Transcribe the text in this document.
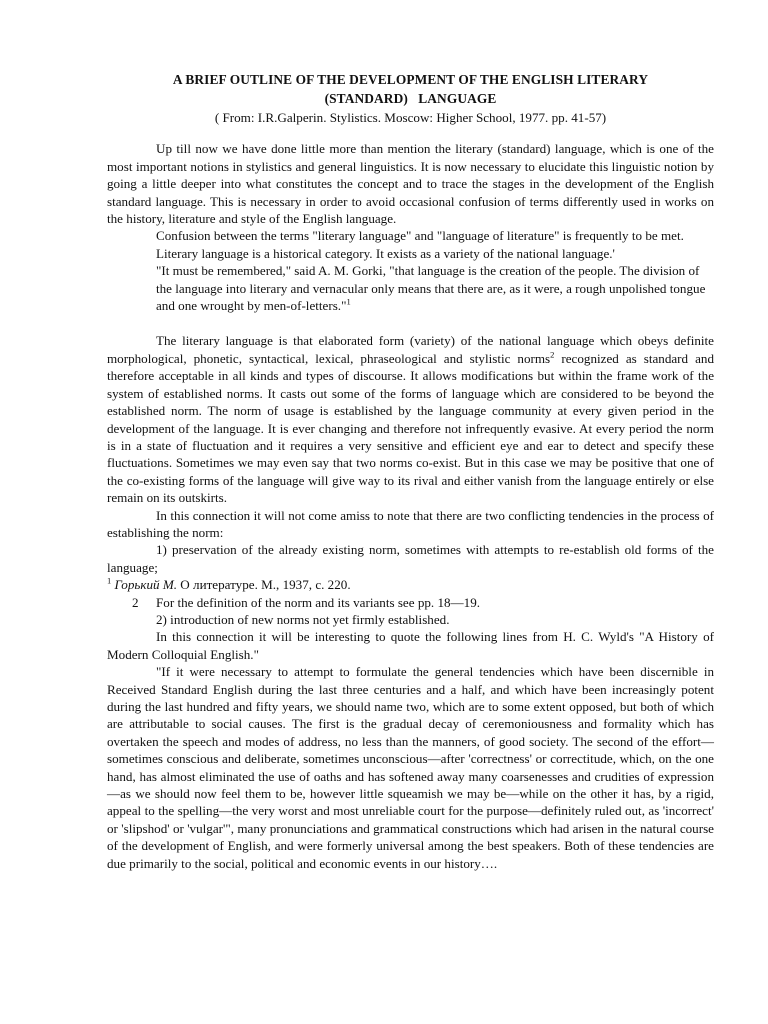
A BRIEF OUTLINE OF THE DEVELOPMENT OF THE ENGLISH LITERARY
(STANDARD)   LANGUAGE
( From: I.R.Galperin. Stylistics. Moscow: Higher School, 1977. pp. 41-57)

Up till now we have done little more than mention the literary (standard) language, which is one of the most important notions in stylistics and general linguistics. It is now necessary to elucidate this linguistic notion by going a little deeper into what constitutes the concept and to trace the stages in the development of the English standard language. This is necessary in order to avoid occasional confusion of terms differently used in works on the history, literature and style of the English language.

Confusion between the terms "literary language" and "language of literature" is frequently to be met.

Literary language is a historical category. It exists as a variety of the national language.'

"It must be remembered," said A. M. Gorki, "that language is the creation of the people. The division of the language into literary and vernacular only means that there are, as it were, a rough unpolished tongue and one wrought by men-of-letters."$^1$

The literary language is that elaborated form (variety) of the national language which obeys definite morphological, phonetic, syntactical, lexical, phraseological and stylistic norms$^2$ recognized as standard and therefore acceptable in all kinds and types of discourse. It allows modifications but within the frame work of the system of established norms. It casts out some of the forms of language which are considered to be beyond the established norm. The norm of usage is established by the language community at every given period in the development of the language. It is ever changing and therefore not infrequently evasive. At every period the norm is in a state of fluctuation and it requires a very sensitive and efficient eye and ear to detect and specify these fluctuations. Sometimes we may even say that two norms co-exist. But in this case we may be positive that one of the co-existing forms of the language will give way to its rival and either vanish from the language entirely or else remain on its outskirts.

In this connection it will not come amiss to note that there are two conflicting tendencies in the process of establishing the norm:

1) preservation of the already existing norm, sometimes with attempts to re-establish old forms of the language;

$^1$ Горький М. О литературе. М., 1937, с. 220.

2 For the definition of the norm and its variants see pp. 18—19.

2) introduction of new norms not yet firmly established.

In this connection it will be interesting to quote the following lines from H. C. Wyld's "A History of Modern Colloquial English."

"If it were necessary to attempt to formulate the general tendencies which have been discernible in Received Standard English during the last three centuries and a half, and which have been increasingly potent during the last hundred and fifty years, we should name two, which are to some extent opposed, but both of which are attributable to social causes. The first is the gradual decay of ceremoniousness and formality which has overtaken the speech and modes of address, no less than the manners, of good society. The second of the effort—sometimes conscious and deliberate, sometimes unconscious—after 'correctness' or correctitude, which, on the one hand, has almost eliminated the use of oaths and has softened away many coarsenesses and crudities of expression—as we should now feel them to be, however little squeamish we may be—while on the other it has, by a rigid, appeal to the spelling—the very worst and most unreliable court for the purpose—definitely ruled out, as 'incorrect' or 'slipshod' or 'vulgar'", many pronunciations and grammatical constructions which had arisen in the natural course of the development of English, and were formerly universal among the best speakers. Both of these tendencies are due primarily to the social, political and economic events in our history….
